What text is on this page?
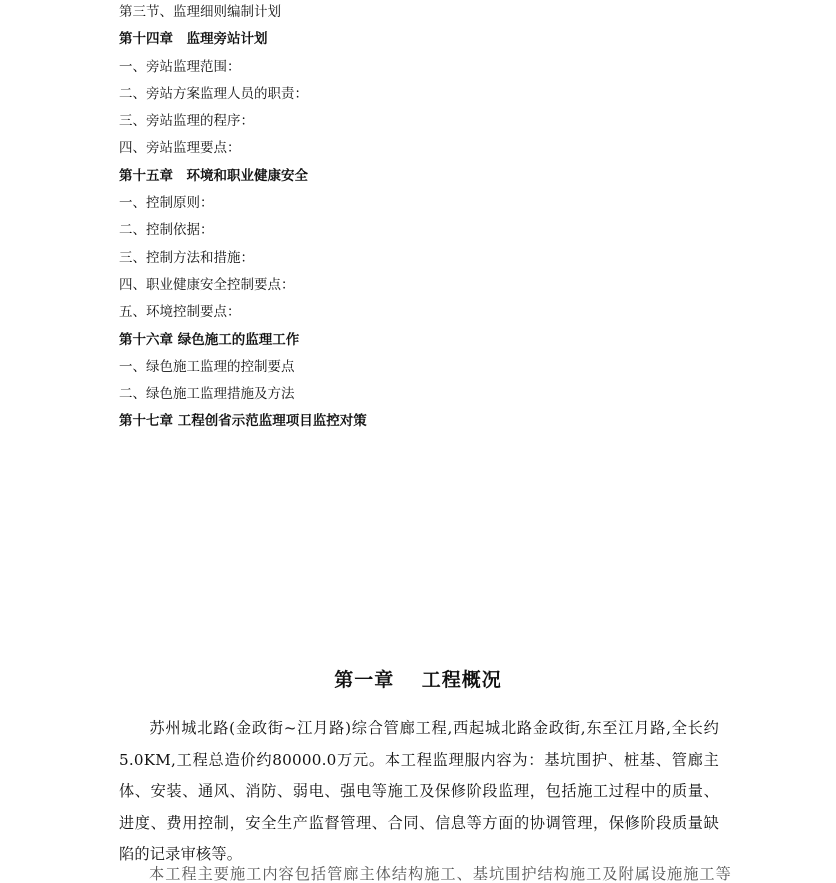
第三节、监理细则编制计划
第十四章　监理旁站计划
一、旁站监理范围：
二、旁站方案监理人员的职责：
三、旁站监理的程序：
四、旁站监理要点：
第十五章　环境和职业健康安全
一、控制原则：
二、控制依据：
三、控制方法和措施：
四、职业健康安全控制要点：
五、环境控制要点：
第十六章 绿色施工的监理工作
一、绿色施工监理的控制要点
二、绿色施工监理措施及方法
第十七章 工程创省示范监理项目监控对策
第一章　 工程概况
苏州城北路(金政街~江月路)综合管廊工程,西起城北路金政街,东至江月路,全长约5.0KM,工程总造价约80000.0万元。本工程监理服内容为：基坑围护、桩基、管廊主体、安装、通风、消防、弱电、强电等施工及保修阶段监理，包括施工过程中的质量、进度、费用控制，安全生产监督管理、合同、信息等方面的协调管理，保修阶段质量缺陷的记录审核等。
本工程主要施工内容包括管廊主体结构施工、基坑围护结构施工及附属设施施工等
